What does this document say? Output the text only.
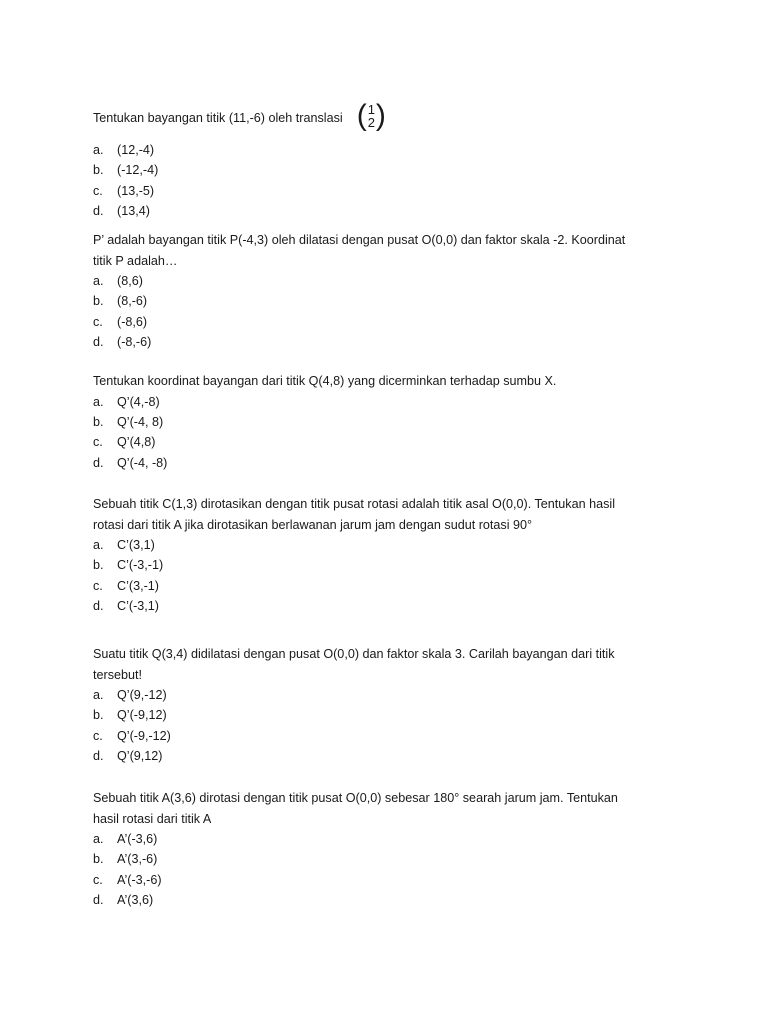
Tentukan bayangan titik (11,-6) oleh translasi ( 1
2 )
a.	(12,-4)
b.	(-12,-4)
c.	(13,-5)
d.	(13,4)

P’ adalah bayangan titik P(-4,3) oleh dilatasi dengan pusat O(0,0) dan faktor skala -2. Koordinat
titik P adalah…

a.	(8,6)
b.	(8,-6)
c.	(-8,6)
d.	(-8,-6)

Tentukan koordinat bayangan dari titik Q(4,8) yang dicerminkan terhadap sumbu X.

a.	Q’(4,-8)
b.	Q’(-4, 8)
c.	Q’(4,8)
d.	Q’(-4, -8)

Sebuah titik C(1,3) dirotasikan dengan titik pusat rotasi adalah titik asal O(0,0). Tentukan hasil
rotasi dari titik A jika dirotasikan berlawanan jarum jam dengan sudut rotasi 90°

a.	C’(3,1)
b.	C’(-3,-1)
c.	C’(3,-1)
d.	C’(-3,1)

Suatu titik Q(3,4) didilatasi dengan pusat O(0,0) dan faktor skala 3. Carilah bayangan dari titik
tersebut!

a.	Q’(9,-12)
b.	Q’(-9,12)
c.	Q’(-9,-12)
d.	Q’(9,12)

Sebuah titik A(3,6) dirotasi dengan titik pusat O(0,0) sebesar 180° searah jarum jam. Tentukan
hasil rotasi dari titik A

a.	A’(-3,6)
b.	A’(3,-6)
c.	A’(-3,-6)
d.	A’(3,6)
